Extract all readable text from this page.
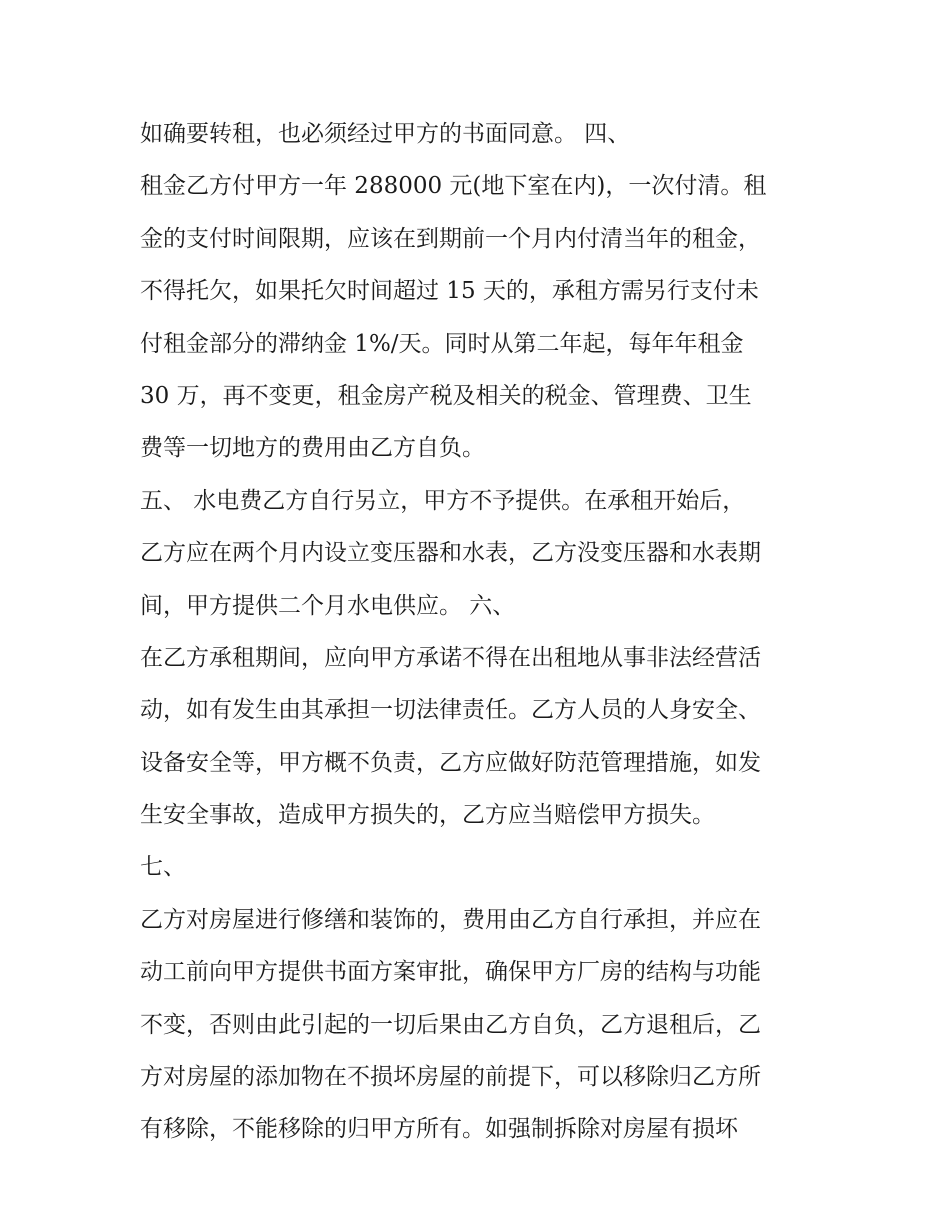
如确要转租，也必须经过甲方的书面同意。 四、
租金乙方付甲方一年 288000 元(地下室在内)，一次付清。租
金的支付时间限期，应该在到期前一个月内付清当年的租金，
不得托欠，如果托欠时间超过 15 天的，承租方需另行支付未
付租金部分的滞纳金 1%/天。同时从第二年起，每年年租金
30 万，再不变更，租金房产税及相关的税金、管理费、卫生
费等一切地方的费用由乙方自负。
五、 水电费乙方自行另立，甲方不予提供。在承租开始后，
乙方应在两个月内设立变压器和水表，乙方没变压器和水表期
间，甲方提供二个月水电供应。 六、
在乙方承租期间，应向甲方承诺不得在出租地从事非法经营活
动，如有发生由其承担一切法律责任。乙方人员的人身安全、
设备安全等，甲方概不负责，乙方应做好防范管理措施，如发
生安全事故，造成甲方损失的，乙方应当赔偿甲方损失。
七、
乙方对房屋进行修缮和装饰的，费用由乙方自行承担，并应在
动工前向甲方提供书面方案审批，确保甲方厂房的结构与功能
不变，否则由此引起的一切后果由乙方自负，乙方退租后，乙
方对房屋的添加物在不损坏房屋的前提下，可以移除归乙方所
有移除，不能移除的归甲方所有。如强制拆除对房屋有损坏
